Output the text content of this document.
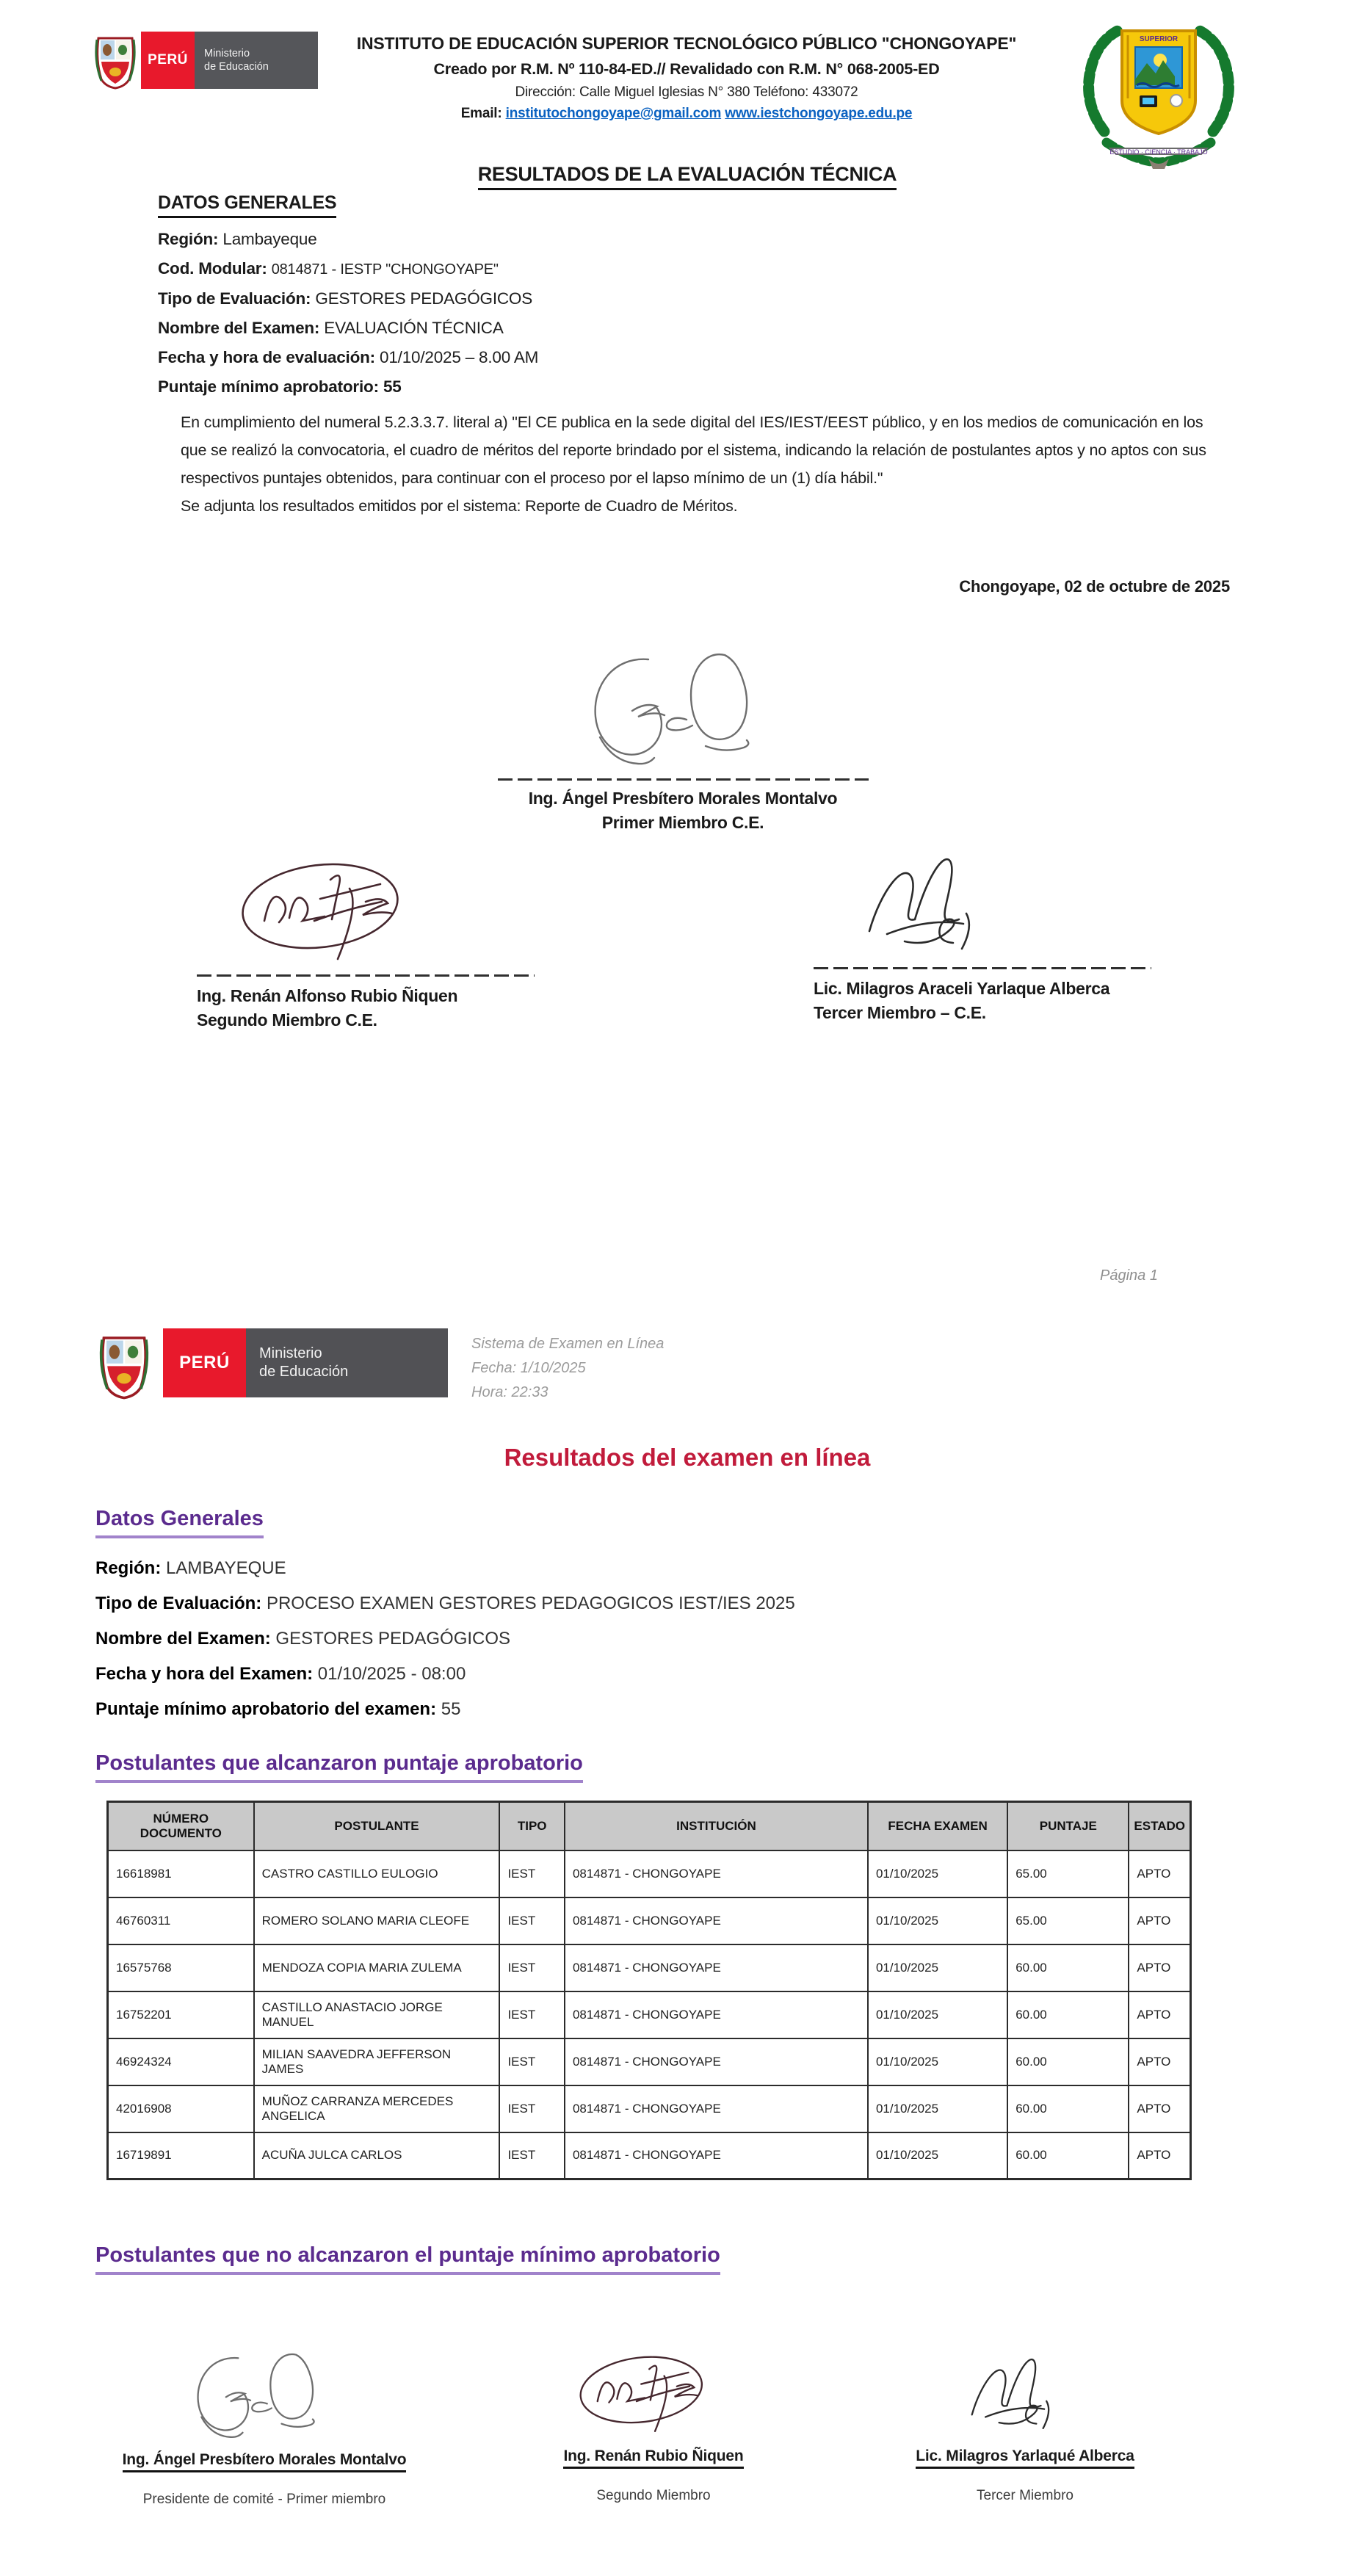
PERÚ Ministerio
de Educación
INSTITUTO DE EDUCACIÓN SUPERIOR TECNOLÓGICO PÚBLICO "CHONGOYAPE"
Creado por R.M. Nº 110-84-ED.// Revalidado con R.M. N° 068-2005-ED
Dirección: Calle Miguel Iglesias N° 380 Teléfono: 433072
Email: institutochongoyape@gmail.com www.iestchongoyape.edu.pe
SUPERIOR
ESTUDIO · CIENCIA · TRABAJO
RESULTADOS DE LA EVALUACIÓN TÉCNICA
DATOS GENERALES
Región: Lambayeque
Cod. Modular: 0814871 - IESTP "CHONGOYAPE"
Tipo de Evaluación: GESTORES PEDAGÓGICOS
Nombre del Examen: EVALUACIÓN TÉCNICA
Fecha y hora de evaluación: 01/10/2025 – 8.00 AM
Puntaje mínimo aprobatorio: 55
En cumplimiento del numeral 5.2.3.3.7. literal a) "El CE publica en la sede digital del IES/IEST/EEST público, y en los medios de comunicación en los que se realizó la convocatoria, el cuadro de méritos del reporte brindado por el sistema, indicando la relación de postulantes aptos y no aptos con sus respectivos puntajes obtenidos, para continuar con el proceso por el lapso mínimo de un (1) día hábil."
Se adjunta los resultados emitidos por el sistema: Reporte de Cuadro de Méritos.
Chongoyape, 02 de octubre de 2025
Ing. Ángel Presbítero Morales Montalvo
Primer Miembro C.E.
Ing. Renán Alfonso Rubio Ñiquen
Segundo Miembro C.E.
Lic. Milagros Araceli Yarlaque Alberca
Tercer Miembro – C.E.
Página 1
PERÚ Ministerio
de Educación
Sistema de Examen en Línea
Fecha: 1/10/2025
Hora: 22:33
Resultados del examen en línea
Datos Generales
Región: LAMBAYEQUE
Tipo de Evaluación: PROCESO EXAMEN GESTORES PEDAGOGICOS IEST/IES 2025
Nombre del Examen: GESTORES PEDAGÓGICOS
Fecha y hora del Examen: 01/10/2025 - 08:00
Puntaje mínimo aprobatorio del examen: 55
Postulantes que alcanzaron puntaje aprobatorio
NÚMERO DOCUMENTO	POSTULANTE	TIPO	INSTITUCIÓN	FECHA EXAMEN	PUNTAJE	ESTADO
16618981	CASTRO CASTILLO EULOGIO	IEST	0814871 - CHONGOYAPE	01/10/2025	65.00	APTO
46760311	ROMERO SOLANO MARIA CLEOFE	IEST	0814871 - CHONGOYAPE	01/10/2025	65.00	APTO
16575768	MENDOZA COPIA MARIA ZULEMA	IEST	0814871 - CHONGOYAPE	01/10/2025	60.00	APTO
16752201	CASTILLO ANASTACIO JORGE MANUEL	IEST	0814871 - CHONGOYAPE	01/10/2025	60.00	APTO
46924324	MILIAN SAAVEDRA JEFFERSON JAMES	IEST	0814871 - CHONGOYAPE	01/10/2025	60.00	APTO
42016908	MUÑOZ CARRANZA MERCEDES ANGELICA	IEST	0814871 - CHONGOYAPE	01/10/2025	60.00	APTO
16719891	ACUÑA JULCA CARLOS	IEST	0814871 - CHONGOYAPE	01/10/2025	60.00	APTO
Postulantes que no alcanzaron el puntaje mínimo aprobatorio
Ing. Ángel Presbítero Morales Montalvo
Presidente de comité - Primer miembro
Ing. Renán Rubio Ñiquen
Segundo Miembro
Lic. Milagros Yarlaqué Alberca
Tercer Miembro
